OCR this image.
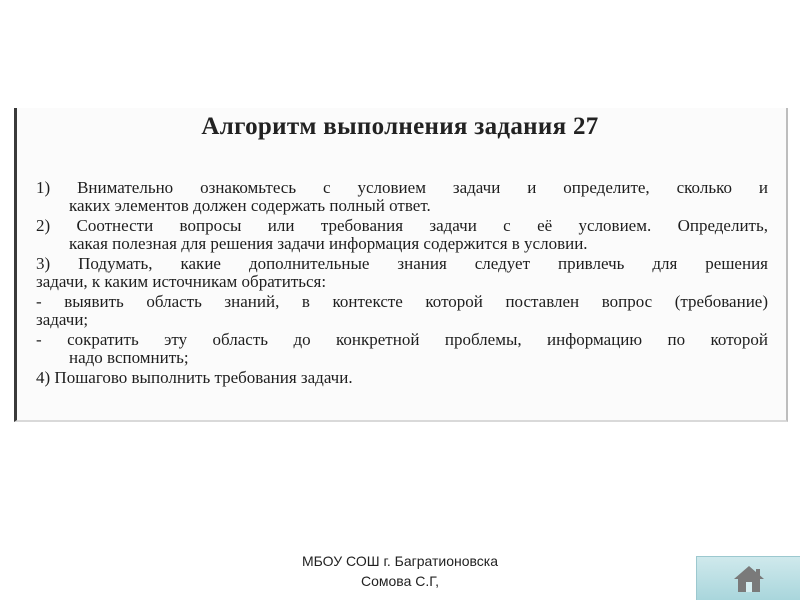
Алгоритм выполнения задания 27
1) Внимательно ознакомьтесь с условием задачи и определите, сколько и
каких элементов должен содержать полный ответ.
2) Соотнести вопросы или требования задачи с её условием. Определить,
какая полезная для решения задачи информация содержится в условии.
3) Подумать, какие дополнительные знания следует привлечь для решения
задачи, к каким источникам обратиться:
- выявить область знаний, в контексте которой поставлен вопрос (требование)
задачи;
- сократить эту область до конкретной проблемы, информацию по которой
надо вспомнить;
4) Пошагово выполнить требования задачи.
МБОУ СОШ г. Багратионовска
Сомова С.Г,
